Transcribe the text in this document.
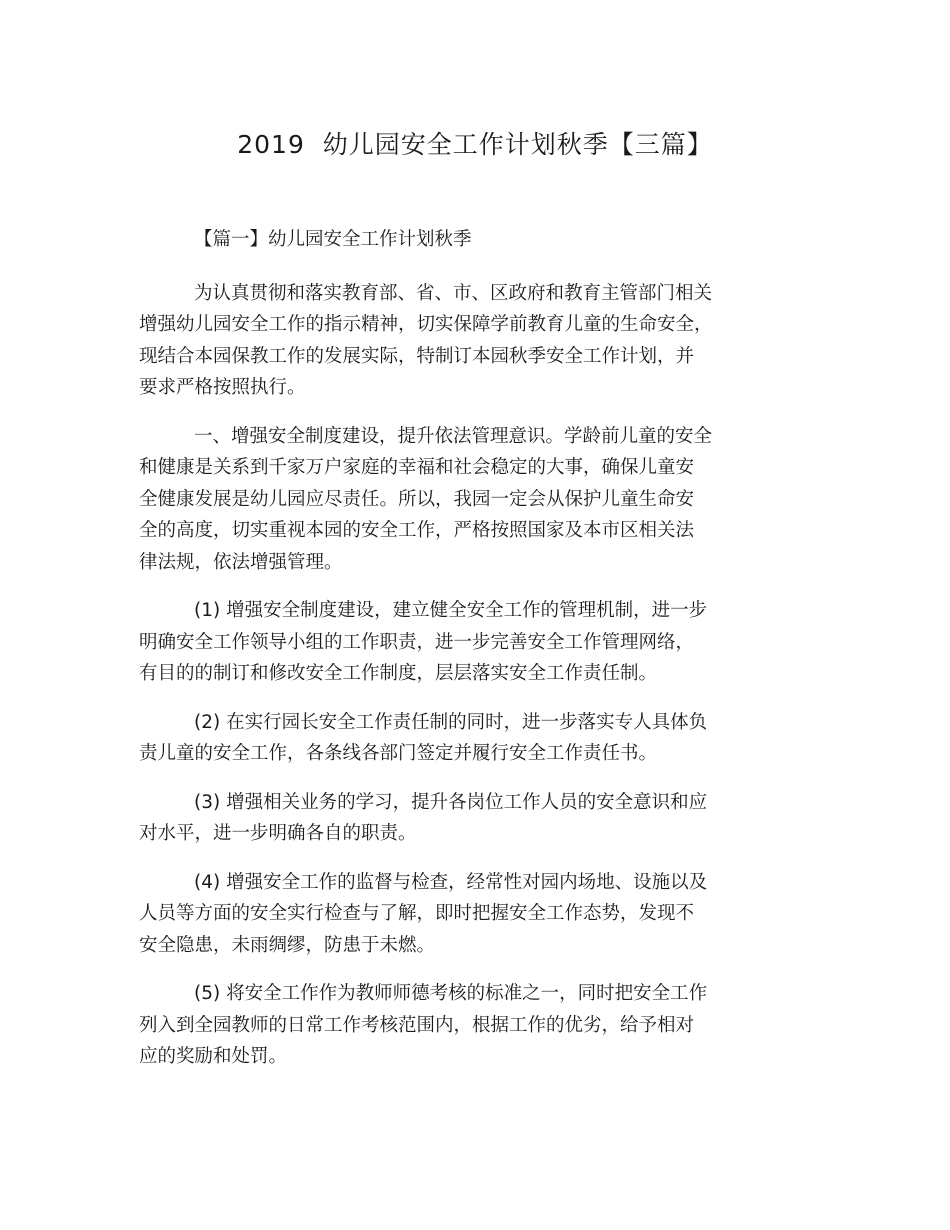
2019  幼儿园安全工作计划秋季【三篇】
【篇一】幼儿园安全工作计划秋季
为认真贯彻和落实教育部、省、市、区政府和教育主管部门相关
增强幼儿园安全工作的指示精神，切实保障学前教育儿童的生命安全，
现结合本园保教工作的发展实际，特制订本园秋季安全工作计划，并
要求严格按照执行。
一、增强安全制度建设，提升依法管理意识。学龄前儿童的安全
和健康是关系到千家万户家庭的幸福和社会稳定的大事，确保儿童安
全健康发展是幼儿园应尽责任。所以，我园一定会从保护儿童生命安
全的高度，切实重视本园的安全工作，严格按照国家及本市区相关法
律法规，依法增强管理。
(1) 增强安全制度建设，建立健全安全工作的管理机制，进一步
明确安全工作领导小组的工作职责，进一步完善安全工作管理网络，
有目的的制订和修改安全工作制度，层层落实安全工作责任制。
(2) 在实行园长安全工作责任制的同时，进一步落实专人具体负
责儿童的安全工作，各条线各部门签定并履行安全工作责任书。
(3) 增强相关业务的学习，提升各岗位工作人员的安全意识和应
对水平，进一步明确各自的职责。
(4) 增强安全工作的监督与检查，经常性对园内场地、设施以及
人员等方面的安全实行检查与了解，即时把握安全工作态势，发现不
安全隐患，未雨绸缪，防患于未燃。
(5) 将安全工作作为教师师德考核的标准之一，同时把安全工作
列入到全园教师的日常工作考核范围内，根据工作的优劣，给予相对
应的奖励和处罚。
